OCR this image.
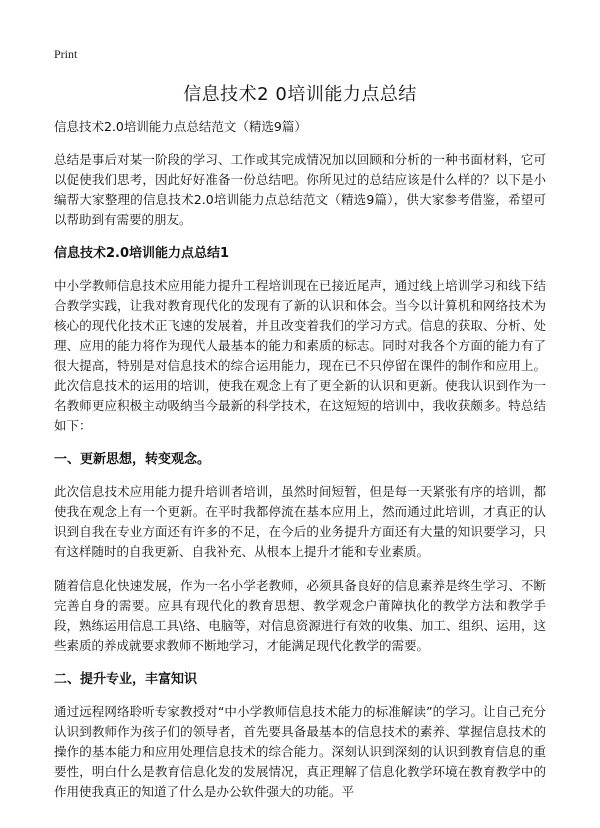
Print
信息技术2 0培训能力点总结
信息技术2.0培训能力点总结范文（精选9篇）

总结是事后对某一阶段的学习、工作或其完成情况加以回顾和分析的一种书面材料，它可以促使我们思考，因此好好准备一份总结吧。你所见过的总结应该是什么样的？以下是小编帮大家整理的信息技术2.0培训能力点总结范文（精选9篇），供大家参考借鉴，希望可以帮助到有需要的朋友。

信息技术2.0培训能力点总结1

中小学教师信息技术应用能力提升工程培训现在已接近尾声，通过线上培训学习和线下结合教学实践，让我对教育现代化的发现有了新的认识和体会。当今以计算机和网络技术为核心的现代化技术正飞速的发展着，并且改变着我们的学习方式。信息的获取、分析、处理、应用的能力将作为现代人最基本的能力和素质的标志。同时对我各个方面的能力有了很大提高，特别是对信息技术的综合运用能力，现在已不只停留在课件的制作和应用上。此次信息技术的运用的培训，使我在观念上有了更全新的认识和更新。使我认识到作为一名教师更应积极主动吸纳当今最新的科学技术，在这短短的培训中，我收获颇多。特总结如下：

一、更新思想，转变观念。

此次信息技术应用能力提升培训者培训，虽然时间短暂，但是每一天紧张有序的培训，都使我在观念上有一个更新。在平时我都停流在基本应用上，然而通过此培训，才真正的认识到自我在专业方面还有许多的不足，在今后的业务提升方面还有大量的知识要学习，只有这样随时的自我更新、自我补充、从根本上提升才能和专业素质。

随着信息化快速发展，作为一名小学老教师，必须具备良好的信息素养是终生学习、不断完善自身的需要。应具有现代化的教育思想、教学观念户莆障执化的教学方法和教学手段，熟练运用信息工具\络、电脑等，对信息资源进行有效的收集、加工、组织、运用，这些素质的养成就要求教师不断地学习，才能满足现代化教学的需要。

二、提升专业，丰富知识

通过远程网络聆听专家教授对“中小学教师信息技术能力的标准解读”的学习。让自己充分认识到教师作为孩子们的领导者，首先要具备最基本的信息技术的素养、掌握信息技术的操作的基本能力和应用处理信息技术的综合能力。深刻认识到深刻的认识到教育信息的重要性，明白什么是教育信息化发的发展情况，真正理解了信息化教学环境在教育教学中的作用使我真正的知道了什么是办公软件强大的功能。平
